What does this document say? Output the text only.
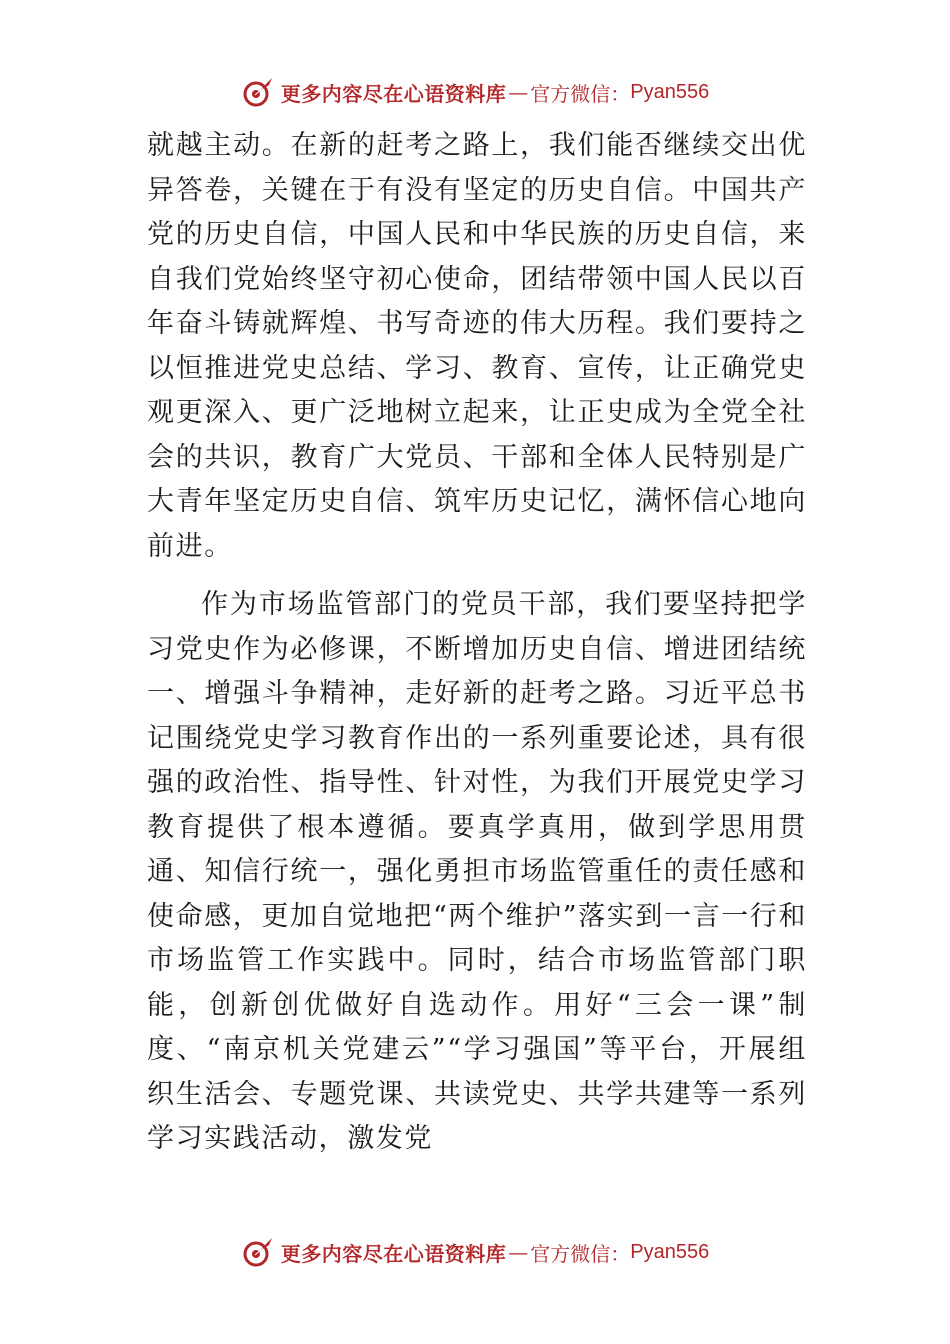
更多内容尽在心语资料库 — 官方微信： Pyan556

就越主动。在新的赶考之路上，我们能否继续交出优异答卷，关键在于有没有坚定的历史自信。中国共产党的历史自信，中国人民和中华民族的历史自信，来自我们党始终坚守初心使命，团结带领中国人民以百年奋斗铸就辉煌、书写奇迹的伟大历程。我们要持之以恒推进党史总结、学习、教育、宣传，让正确党史观更深入、更广泛地树立起来，让正史成为全党全社会的共识，教育广大党员、干部和全体人民特别是广大青年坚定历史自信、筑牢历史记忆，满怀信心地向前进。

作为市场监管部门的党员干部，我们要坚持把学习党史作为必修课，不断增加历史自信、增进团结统一、增强斗争精神，走好新的赶考之路。习近平总书记围绕党史学习教育作出的一系列重要论述，具有很强的政治性、指导性、针对性，为我们开展党史学习教育提供了根本遵循。要真学真用，做到学思用贯通、知信行统一，强化勇担市场监管重任的责任感和使命感，更加自觉地把“两个维护”落实到一言一行和市场监管工作实践中。同时，结合市场监管部门职能，创新创优做好自选动作。用好“三会一课”制度、“南京机关党建云”“学习强国”等平台，开展组织生活会、专题党课、共读党史、共学共建等一系列学习实践活动，激发党

更多内容尽在心语资料库 — 官方微信： Pyan556
